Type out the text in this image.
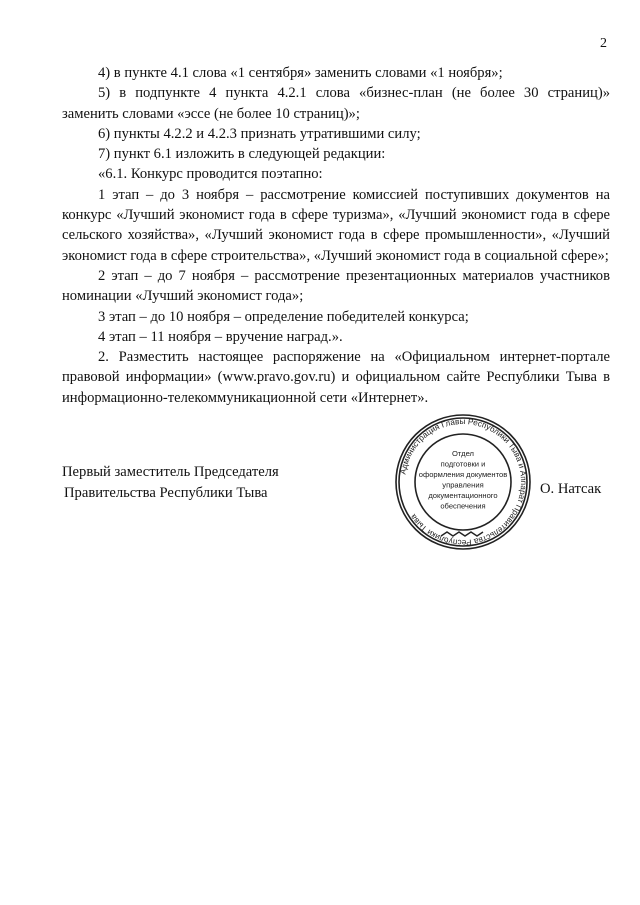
2

4) в пункте 4.1 слова «1 сентября» заменить словами «1 ноября»;

5) в подпункте 4 пункта 4.2.1 слова «бизнес-план (не более 30 страниц)» заменить словами «эссе (не более 10 страниц)»;

6) пункты 4.2.2 и 4.2.3 признать утратившими силу;

7) пункт 6.1 изложить в следующей редакции:

«6.1. Конкурс проводится поэтапно:

1 этап – до 3 ноября – рассмотрение комиссией поступивших документов на конкурс «Лучший экономист года в сфере туризма», «Лучший экономист года в сфере сельского хозяйства», «Лучший экономист года в сфере промышленности», «Лучший экономист года в сфере строительства», «Лучший экономист года в социальной сфере»;

2 этап – до 7 ноября – рассмотрение презентационных материалов участников номинации «Лучший экономист года»;

3 этап – до 10 ноября – определение победителей конкурса;

4 этап – 11 ноября – вручение наград.».

2. Разместить настоящее распоряжение на «Официальном интернет-портале правовой информации» (www.pravo.gov.ru) и официальном сайте Республики Тыва в информационно-телекоммуникационной сети «Интернет».

Первый заместитель Председателя
Правительства Республики Тыва	О. Натсак
Администрация Главы Республики Тыва и Аппарат Правительства Республики Тыва
Отдел
подготовки и
оформления документов
управления
документационного
обеспечения
